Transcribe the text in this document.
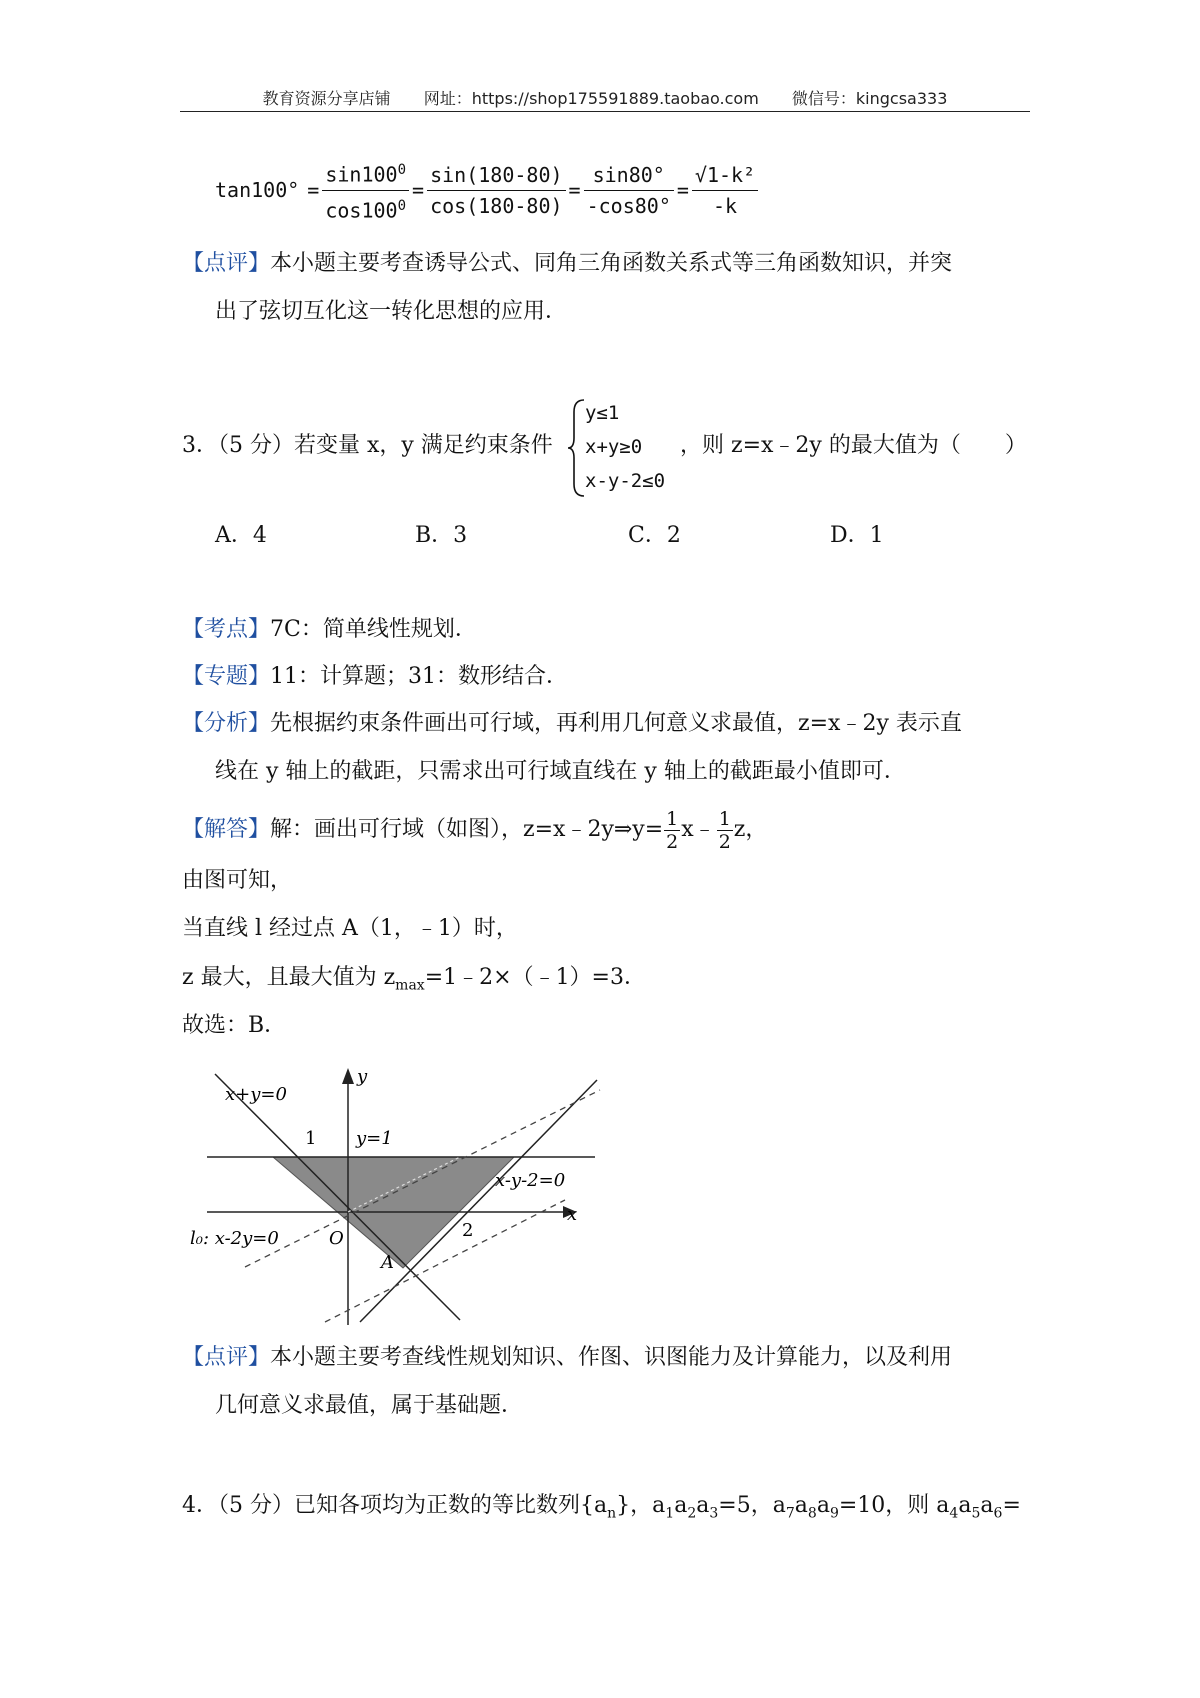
教育资源分享店铺 网址：https://shop175591889.taobao.com 微信号：kingcsa333
$\tan 100^\circ = \frac{\sin 100^0}{\cos 100^0} = \frac{\sin(180-80)}{\cos(180-80)} = \frac{\sin 80^\circ}{-\cos 80^\circ} = \frac{\text{√1-k²}}{-k}$
【点评】本小题主要考查诱导公式、同角三角函数关系式等三角函数知识，并突
出了弦切互化这一转化思想的应用．
3．（5 分）若变量 x，y 满足约束条件
y≤1
x+y≥0
x-y-2≤0
，则 z=x﹣2y 的最大值为（　　）
A．4	B．3	C．2	D．1
【考点】7C：简单线性规划．
【专题】11：计算题；31：数形结合．
【分析】先根据约束条件画出可行域，再利用几何意义求最值，z=x﹣2y 表示直
线在 y 轴上的截距，只需求出可行域直线在 y 轴上的截距最小值即可．
【解答】 解：画出可行域（如图），z=x﹣2y⇒y= $\frac{1}{2}$ x﹣ $\frac{1}{2}$ z，
由图可知，
当直线 l 经过点 A（1，﹣1）时，
z 最大，且最大值为 $z_{max}=1﹣2\times(﹣1)=3$．
故选：B．
x+y=0
y
1 y=1
x-y-2=0
x
2
l₀: x-2y=0	O
A
【点评】本小题主要考查线性规划知识、作图、识图能力及计算能力，以及利用
几何意义求最值，属于基础题．
4．（5 分）已知各项均为正数的等比数列$\{a_n\}$，$a_1a_2a_3=5$，$a_7a_8a_9=10$，则 $a_4a_5a_6=$
